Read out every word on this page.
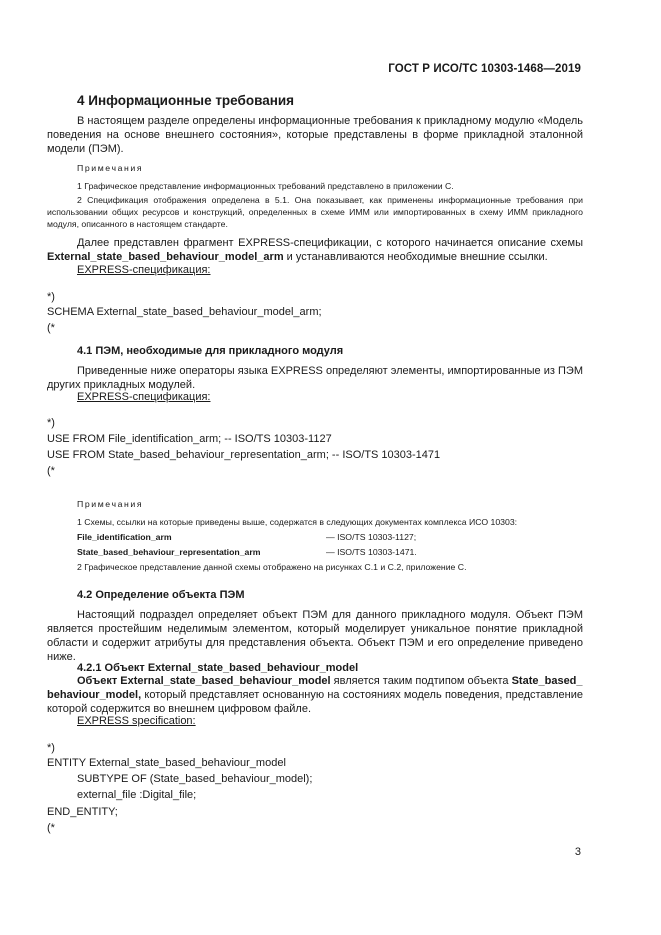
ГОСТ Р ИСО/ТС 10303-1468—2019
4 Информационные требования
В настоящем разделе определены информационные требования к прикладному модулю «Модель поведения на основе внешнего состояния», которые представлены в форме прикладной эталонной модели (ПЭМ).
Примечания
1 Графическое представление информационных требований представлено в приложении С.
2 Спецификация отображения определена в 5.1. Она показывает, как применены информационные требования при использовании общих ресурсов и конструкций, определенных в схеме ИММ или импортированных в схему ИММ прикладного модуля, описанного в настоящем стандарте.
Далее представлен фрагмент EXPRESS-спецификации, с которого начинается описание схемы External_state_based_behaviour_model_arm и устанавливаются необходимые внешние ссылки.
EXPRESS-спецификация:
*)
SCHEMA External_state_based_behaviour_model_arm;
(*
4.1 ПЭМ, необходимые для прикладного модуля
Приведенные ниже операторы языка EXPRESS определяют элементы, импортированные из ПЭМ других прикладных модулей.
EXPRESS-спецификация:
*)
USE FROM File_identification_arm; -- ISO/TS 10303-1127
USE FROM State_based_behaviour_representation_arm; -- ISO/TS 10303-1471
(*
Примечания
1 Схемы, ссылки на которые приведены выше, содержатся в следующих документах комплекса ИСО 10303:
File_identification_arm	— ISO/TS 10303-1127;
State_based_behaviour_representation_arm	— ISO/TS 10303-1471.
2 Графическое представление данной схемы отображено на рисунках С.1 и С.2, приложение С.
4.2 Определение объекта ПЭМ
Настоящий подраздел определяет объект ПЭМ для данного прикладного модуля. Объект ПЭМ является простейшим неделимым элементом, который моделирует уникальное понятие прикладной области и содержит атрибуты для представления объекта. Объект ПЭМ и его определение приведено ниже.
4.2.1 Объект External_state_based_behaviour_model
Объект External_state_based_behaviour_model является таким подтипом объекта State_based_
behaviour_model, который представляет основанную на состояниях модель поведения, представление которой содержится во внешнем цифровом файле.
EXPRESS specification:
*)
ENTITY External_state_based_behaviour_model
SUBTYPE OF (State_based_behaviour_model);
external_file :Digital_file;
END_ENTITY;
(*
3
